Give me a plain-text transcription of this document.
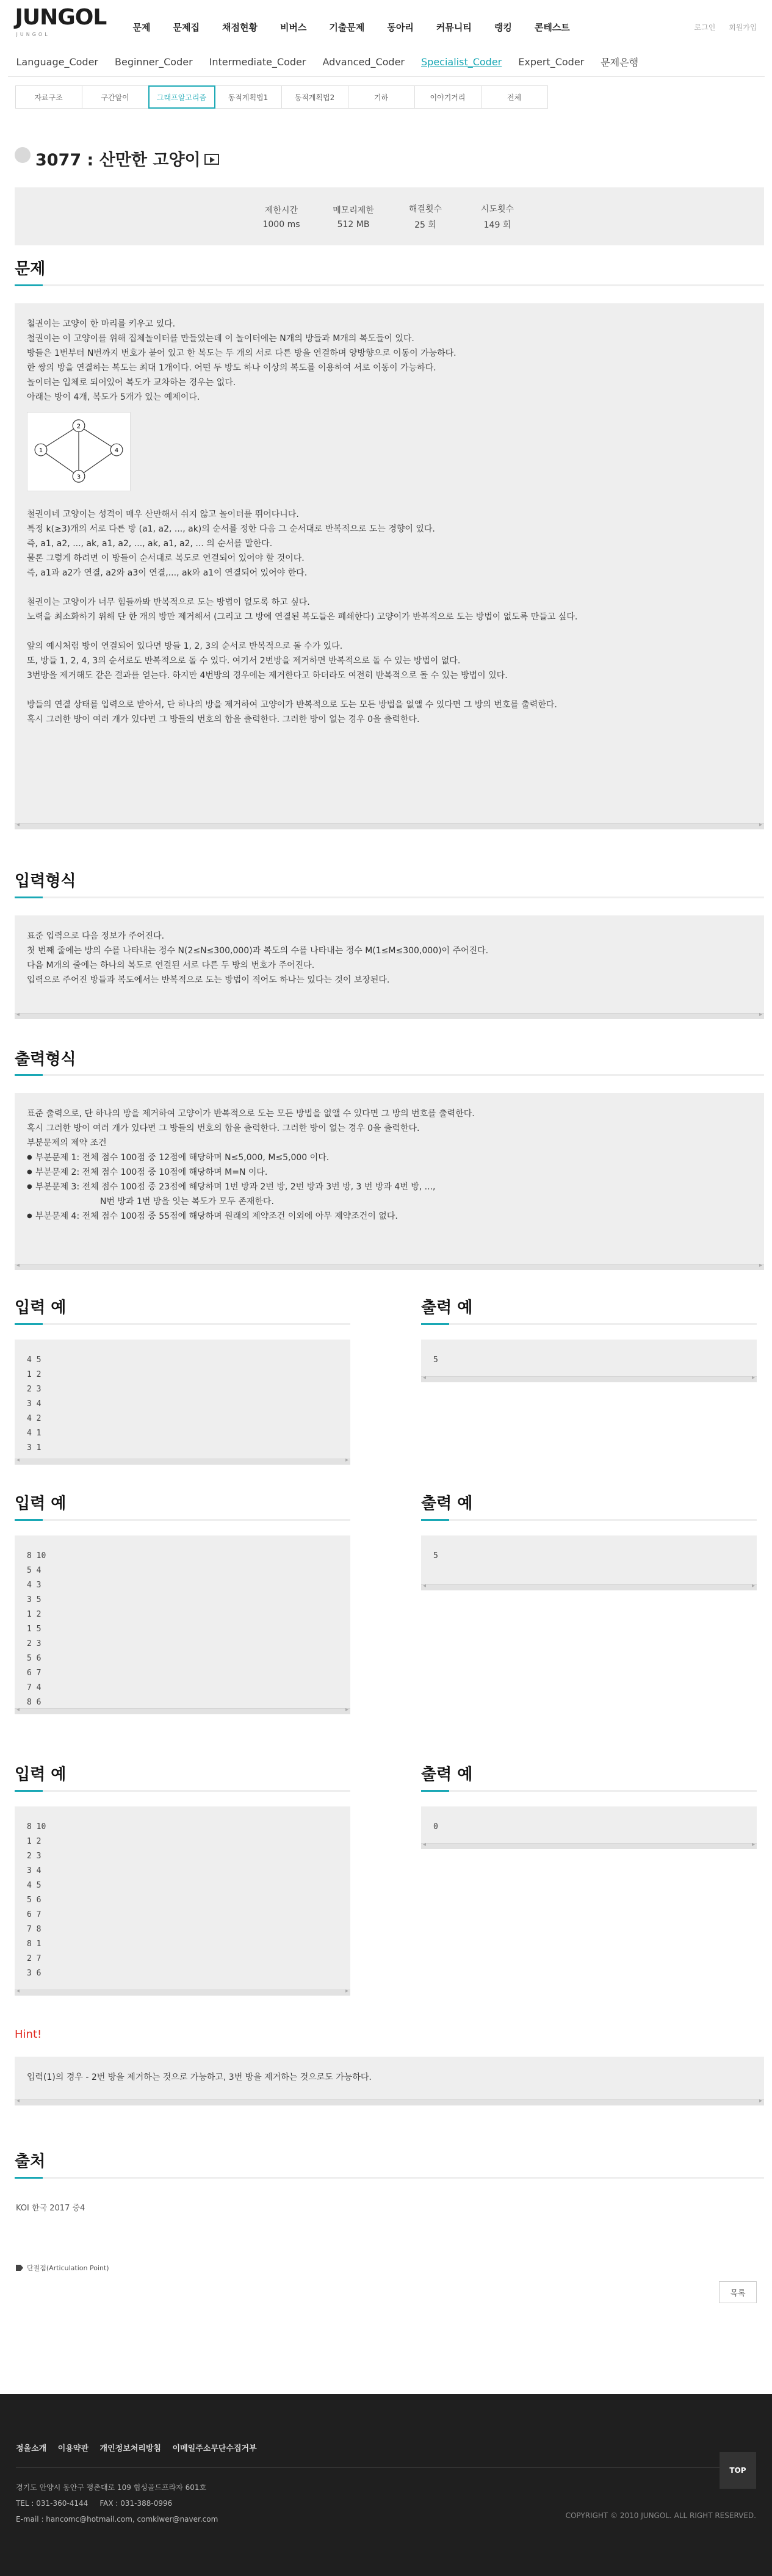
JUNGOL
JUNGOL
문제 문제집 채점현황 비버스 기출문제 동아리 커뮤니티 랭킹 콘테스트	로그인 회원가입
Language_Coder Beginner_Coder Intermediate_Coder Advanced_Coder Specialist_Coder Expert_Coder 문제은행
자료구조	구간알이	그래프알고리즘	동적계획법1	동적계획법2	기하	이야기거리	전체
3077 : 산만한 고양이
제한시간
1000 ms
메모리제한
512 MB
해결횟수
25 회
시도횟수
149 회
문제

철권이는 고양이 한 마리를 키우고 있다.

철권이는 이 고양이를 위해 집체놀이터를 만들었는데 이 놀이터에는 N개의 방들과 M개의 복도들이 있다.

방들은 1번부터 N번까지 번호가 붙어 있고 한 복도는 두 개의 서로 다른 방을 연결하며 양방향으로 이동이 가능하다.

한 쌍의 방을 연결하는 복도는 최대 1개이다. 어떤 두 방도 하나 이상의 복도를 이용하여 서로 이동이 가능하다.

놀이터는 입체로 되어있어 복도가 교차하는 경우는 없다.

아래는 방이 4개, 복도가 5개가 있는 예제이다.

2
1	4
3

철권이네 고양이는 성격이 매우 산만해서 쉬지 않고 놀이터를 뛰어다니다.

특정 k(≥3)개의 서로 다른 방 (a1, a2, ..., ak)의 순서를 정한 다음 그 순서대로 반복적으로 도는 경향이 있다.

즉, a1, a2, ..., ak, a1, a2, ..., ak, a1, a2, ... 의 순서를 말한다.

물론 그렇게 하려면 이 방들이 순서대로 복도로 연결되어 있어야 할 것이다.

즉, a1과 a2가 연결, a2와 a3이 연결,..., ak와 a1이 연결되어 있어야 한다.

철권이는 고양이가 너무 힘들까봐 반복적으로 도는 방법이 없도록 하고 싶다.

노력을 최소화하기 위해 단 한 개의 방만 제거해서 (그리고 그 방에 연결된 복도들은 폐쇄한다) 고양이가 반복적으로 도는 방법이 없도록 만들고 싶다.

앞의 예시처럼 방이 연결되어 있다면 방들 1, 2, 3의 순서로 반복적으로 돌 수가 있다.

또, 방들 1, 2, 4, 3의 순서로도 반복적으로 돌 수 있다. 여기서 2번방을 제거하면 반복적으로 돌 수 있는 방법이 없다.

3번방을 제거해도 같은 결과를 얻는다. 하지만 4번방의 경우에는 제거한다고 하더라도 여전히 반복적으로 돌 수 있는 방법이 있다.

방들의 연결 상태를 입력으로 받아서, 단 하나의 방을 제거하여 고양이가 반복적으로 도는 모든 방법을 없앨 수 있다면 그 방의 번호를 출력한다.

혹시 그러한 방이 여러 개가 있다면 그 방들의 번호의 합을 출력한다. 그러한 방이 없는 경우 0을 출력한다.

◂ ▸
입력형식

표준 입력으로 다음 정보가 주어진다.

첫 번째 줄에는 방의 수를 나타내는 정수 N(2≤N≤300,000)과 복도의 수를 나타내는 정수 M(1≤M≤300,000)이 주어진다.

다음 M개의 줄에는 하나의 복도로 연결된 서로 다른 두 방의 번호가 주어진다.

입력으로 주어진 방들과 복도에서는 반복적으로 도는 방법이 적어도 하나는 있다는 것이 보장된다.

◂ ▸
출력형식

표준 출력으로, 단 하나의 방을 제거하여 고양이가 반복적으로 도는 모든 방법을 없앨 수 있다면 그 방의 번호를 출력한다.

혹시 그러한 방이 여러 개가 있다면 그 방들의 번호의 합을 출력한다. 그러한 방이 없는 경우 0을 출력한다.

부분문제의 제약 조건

● 부분문제 1: 전체 점수 100점 중 12점에 해당하며 N≤5,000, M≤5,000 이다.

● 부분문제 2: 전체 점수 100점 중 10점에 해당하며 M=N 이다.

● 부분문제 3: 전체 점수 100점 중 23점에 해당하며 1번 방과 2번 방, 2번 방과 3번 방, 3 번 방과 4번 방, ...,

N번 방과 1번 방을 잇는 복도가 모두 존재한다.

● 부분문제 4: 전체 점수 100점 중 55점에 해당하며 원래의 제약조건 이외에 아무 제약조건이 없다.

◂ ▸
입력 예
4 5
1 2
2 3
3 4
4 2
4 1
3 1
◂ ▸
출력 예
5
◂ ▸
입력 예
8 10
5 4
4 3
3 5
1 2
1 5
2 3
5 6
6 7
7 4
8 6
◂ ▸
출력 예
5
◂ ▸
입력 예
8 10
1 2
2 3
3 4
4 5
5 6
6 7
7 8
8 1
2 7
3 6
◂ ▸
출력 예
0
◂ ▸
Hint!

입력(1)의 경우 - 2번 방을 제거하는 것으로 가능하고, 3번 방을 제거하는 것으로도 가능하다.

◂ ▸
출처
KOI 한국 2017 중4
단절점(Articulation Point)
목록
정올소개 이용약관 개인정보처리방침 이메일주소무단수집거부
경기도 안양시 동안구 평촌대로 109 협성골드프라자 601호
TEL : 031-360-4144     FAX : 031-388-0996
E-mail : hancomc@hotmail.com, comkiwer@naver.com	COPYRIGHT © 2010 JUNGOL. ALL RIGHT RESERVED.
TOP
